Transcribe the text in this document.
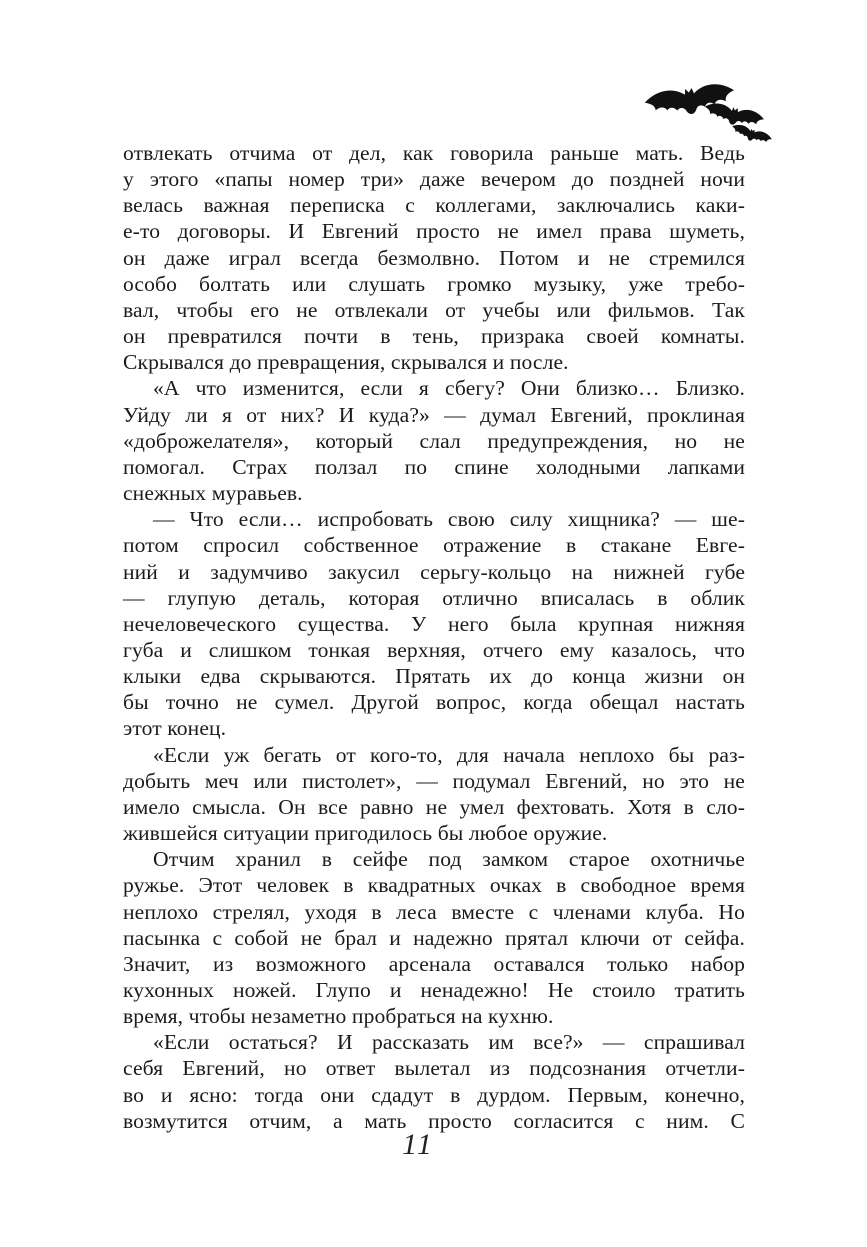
отвлекать отчима от дел, как говорила раньше мать. Ведь
у этого «папы номер три» даже вечером до поздней ночи
велась важная переписка с коллегами, заключались каки-
е-то договоры. И Евгений просто не имел права шуметь,
он даже играл всегда безмолвно. Потом и не стремился
особо болтать или слушать громко музыку, уже требо-
вал, чтобы его не отвлекали от учебы или фильмов. Так
он превратился почти в тень, призрака своей комнаты.
Скрывался до превращения, скрывался и после.
«А что изменится, если я сбегу? Они близко… Близко.
Уйду ли я от них? И куда?» — думал Евгений, проклиная
«доброжелателя», который слал предупреждения, но не
помогал. Страх ползал по спине холодными лапками
снежных муравьев.
— Что если… испробовать свою силу хищника? — ше-
потом спросил собственное отражение в стакане Евге-
ний и задумчиво закусил серьгу-кольцо на нижней губе
— глупую деталь, которая отлично вписалась в облик
нечеловеческого существа. У него была крупная нижняя
губа и слишком тонкая верхняя, отчего ему казалось, что
клыки едва скрываются. Прятать их до конца жизни он
бы точно не сумел. Другой вопрос, когда обещал настать
этот конец.
«Если уж бегать от кого-то, для начала неплохо бы раз-
добыть меч или пистолет», — подумал Евгений, но это не
имело смысла. Он все равно не умел фехтовать. Хотя в сло-
жившейся ситуации пригодилось бы любое оружие.
Отчим хранил в сейфе под замком старое охотничье
ружье. Этот человек в квадратных очках в свободное время
неплохо стрелял, уходя в леса вместе с членами клуба. Но
пасынка с собой не брал и надежно прятал ключи от сейфа.
Значит, из возможного арсенала оставался только набор
кухонных ножей. Глупо и ненадежно! Не стоило тратить
время, чтобы незаметно пробраться на кухню.
«Если остаться? И рассказать им все?» — спрашивал
себя Евгений, но ответ вылетал из подсознания отчетли-
во и ясно: тогда они сдадут в дурдом. Первым, конечно,
возмутится отчим, а мать просто согласится с ним. С
11
